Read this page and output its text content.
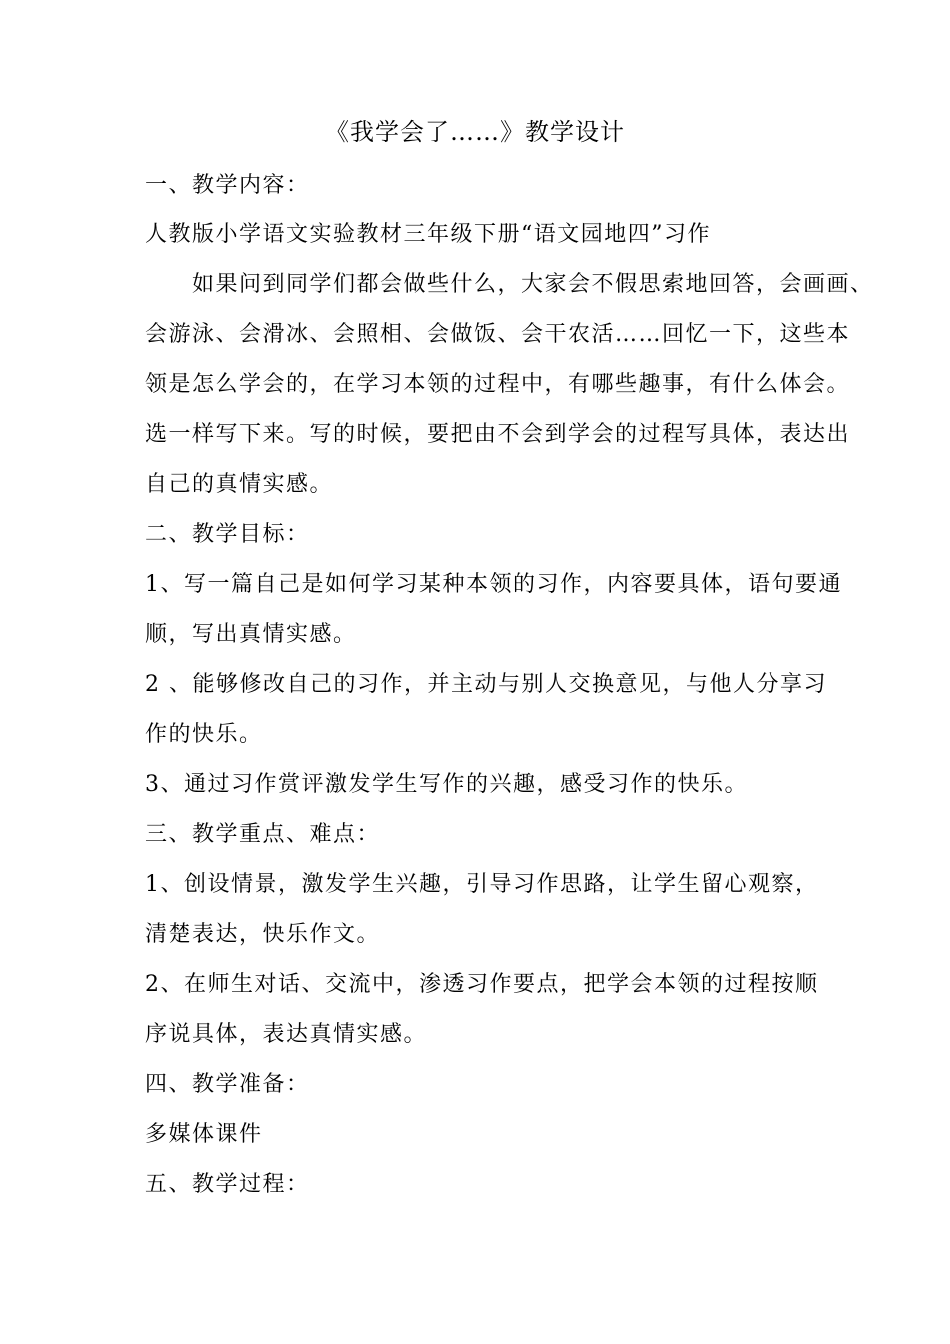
《我学会了……》教学设计
一、教学内容：
人教版小学语文实验教材三年级下册“语文园地四”习作
　　如果问到同学们都会做些什么，大家会不假思索地回答，会画画、
会游泳、会滑冰、会照相、会做饭、会干农活……回忆一下，这些本
领是怎么学会的，在学习本领的过程中，有哪些趣事，有什么体会。
选一样写下来。写的时候，要把由不会到学会的过程写具体，表达出
自己的真情实感。
二、教学目标：
1、写一篇自己是如何学习某种本领的习作，内容要具体，语句要通
顺，写出真情实感。
2 、能够修改自己的习作，并主动与别人交换意见，与他人分享习
作的快乐。
3、通过习作赏评激发学生写作的兴趣，感受习作的快乐。
三、教学重点、难点：
1、创设情景，激发学生兴趣，引导习作思路，让学生留心观察，
清楚表达，快乐作文。
2、在师生对话、交流中，渗透习作要点，把学会本领的过程按顺
序说具体，表达真情实感。
四、教学准备：
多媒体课件
五、教学过程：
